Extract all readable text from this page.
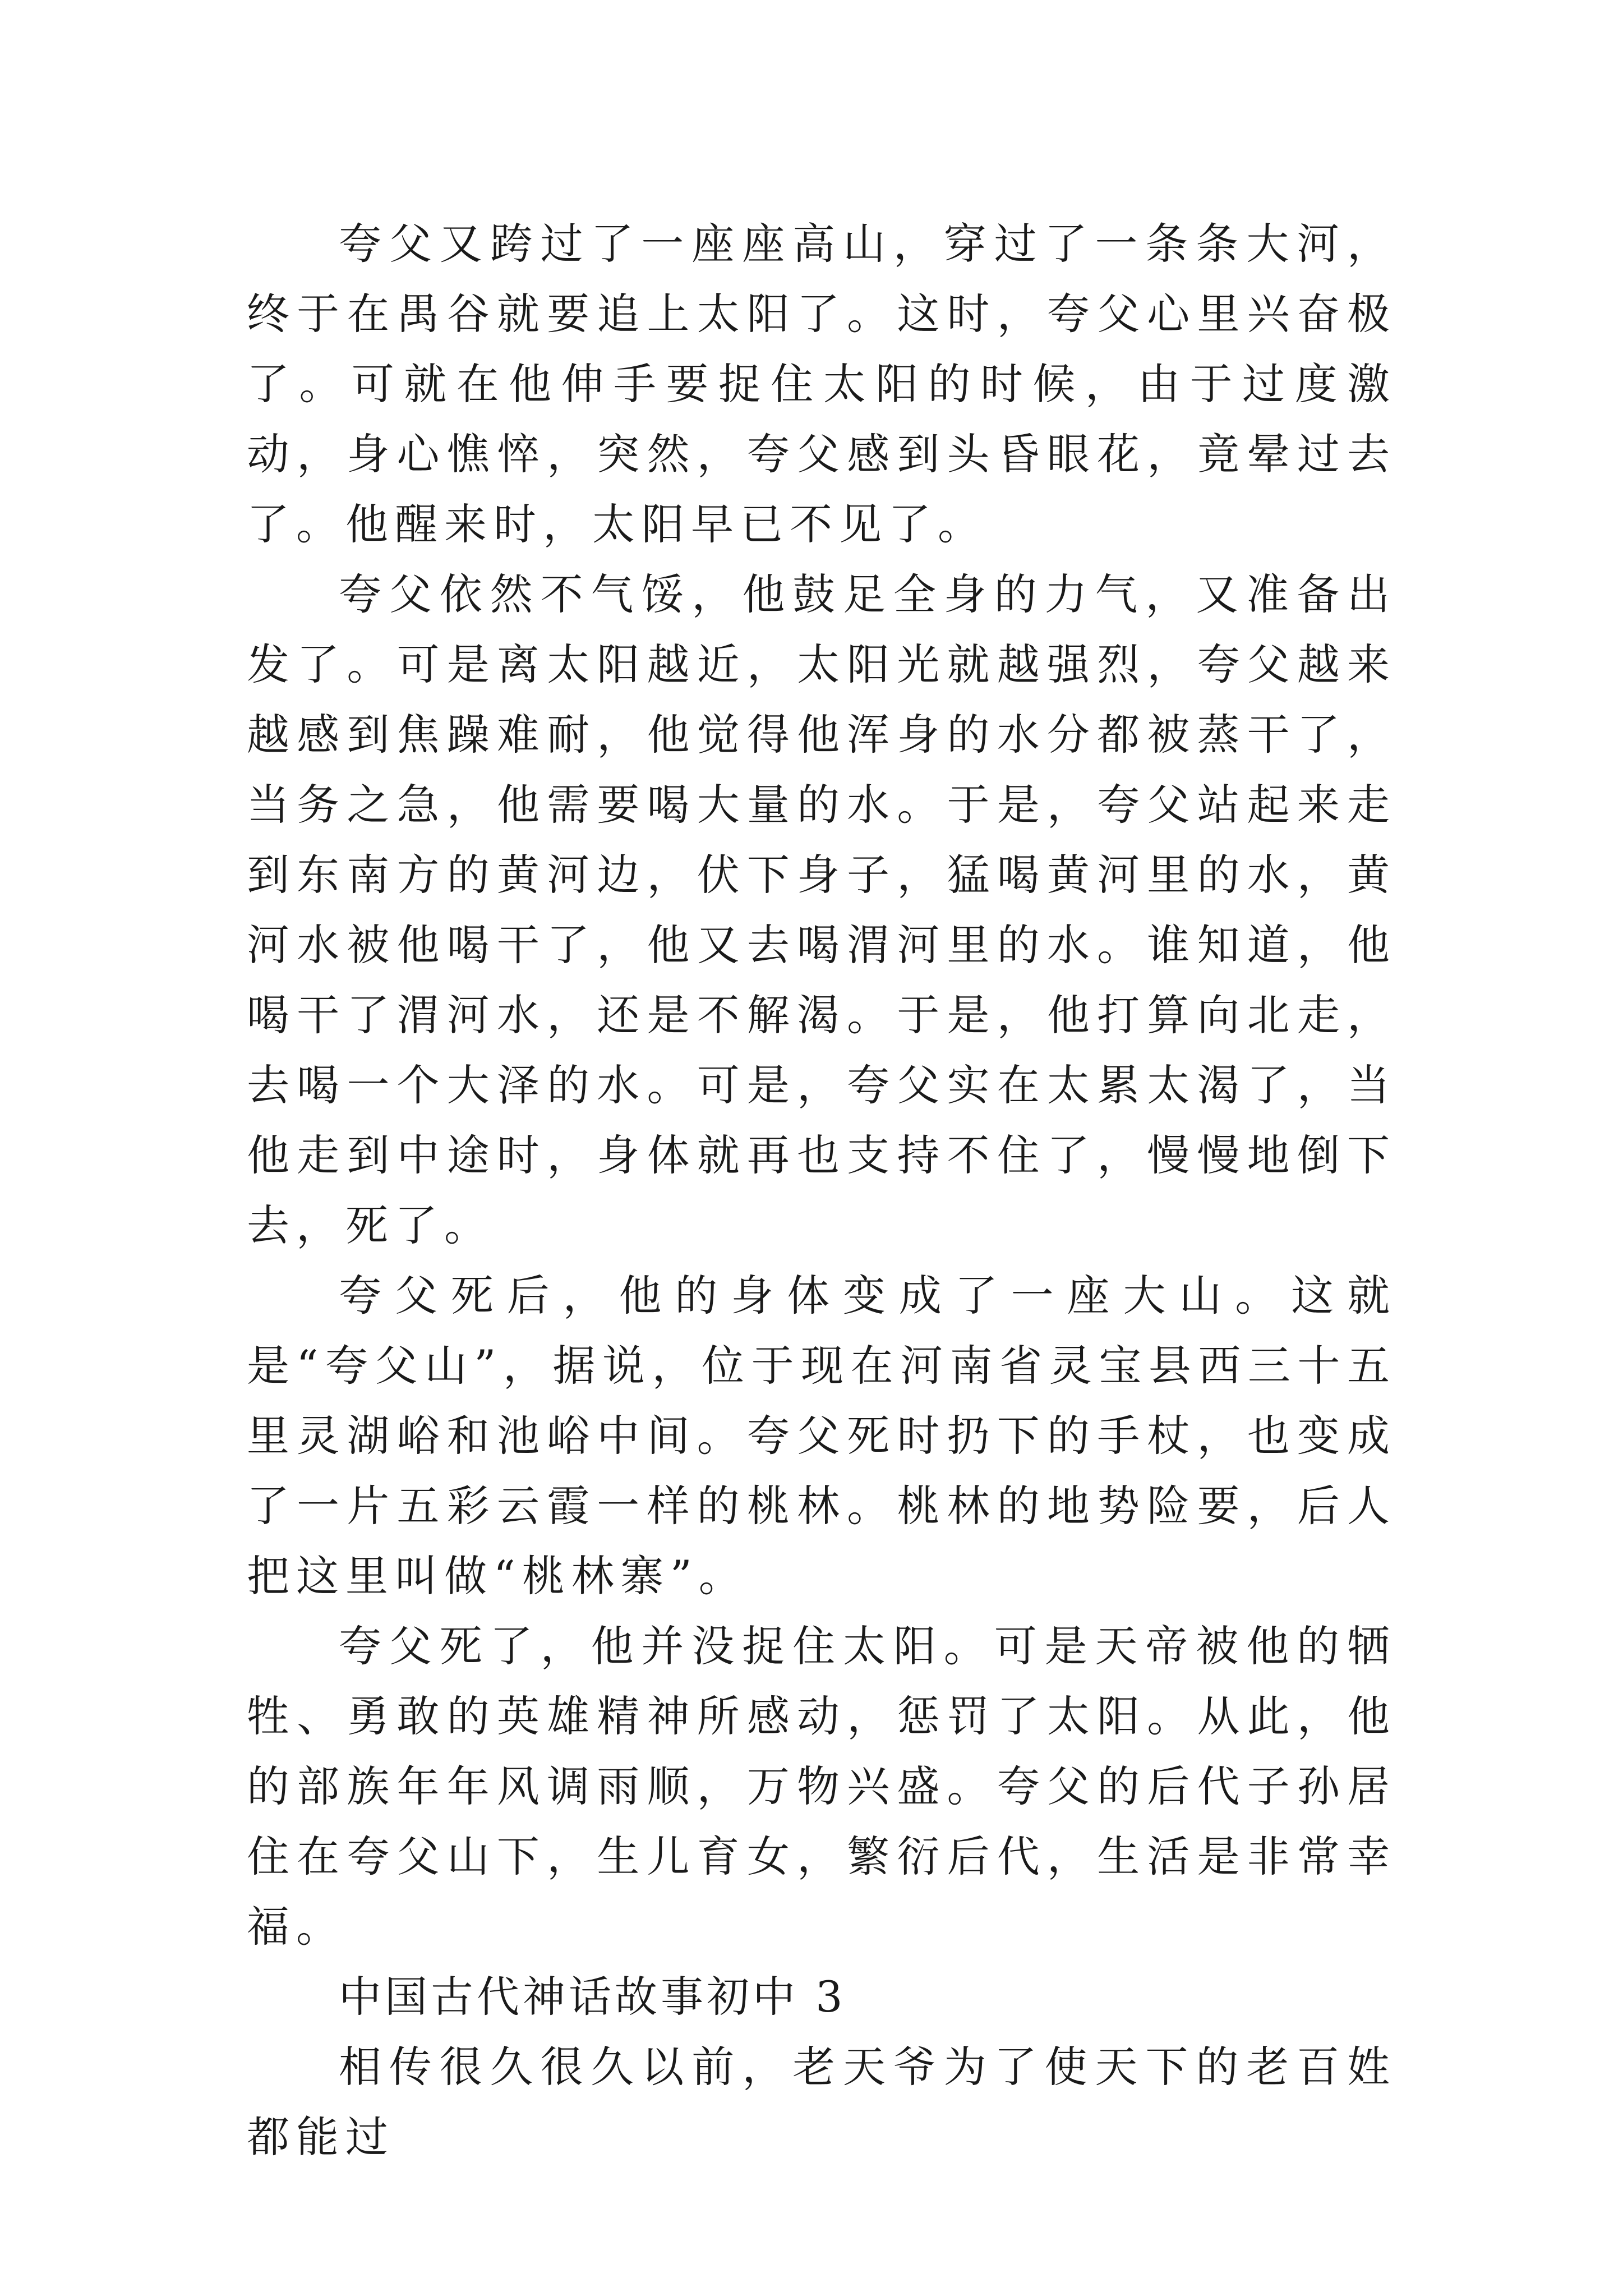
夸父又跨过了一座座高山，穿过了一条条大河，终于在禺谷就要追上太阳了。这时，夸父心里兴奋极了。可就在他伸手要捉住太阳的时候，由于过度激动，身心憔悴，突然，夸父感到头昏眼花，竟晕过去了。他醒来时，太阳早已不见了。

夸父依然不气馁，他鼓足全身的力气，又准备出发了。可是离太阳越近，太阳光就越强烈，夸父越来越感到焦躁难耐，他觉得他浑身的水分都被蒸干了，当务之急，他需要喝大量的水。于是，夸父站起来走到东南方的黄河边，伏下身子，猛喝黄河里的水，黄河水被他喝干了，他又去喝渭河里的水。谁知道，他喝干了渭河水，还是不解渴。于是，他打算向北走，去喝一个大泽的水。可是，夸父实在太累太渴了，当他走到中途时，身体就再也支持不住了，慢慢地倒下去，死了。

夸父死后，他的身体变成了一座大山。这就是“夸父山”，据说，位于现在河南省灵宝县西三十五里灵湖峪和池峪中间。夸父死时扔下的手杖，也变成了一片五彩云霞一样的桃林。桃林的地势险要，后人把这里叫做“桃林寨”。

夸父死了，他并没捉住太阳。可是天帝被他的牺牲、勇敢的英雄精神所感动，惩罚了太阳。从此，他的部族年年风调雨顺，万物兴盛。夸父的后代子孙居住在夸父山下，生儿育女，繁衍后代，生活是非常幸福。

中国古代神话故事初中 3

相传很久很久以前，老天爷为了使天下的老百姓都能过
